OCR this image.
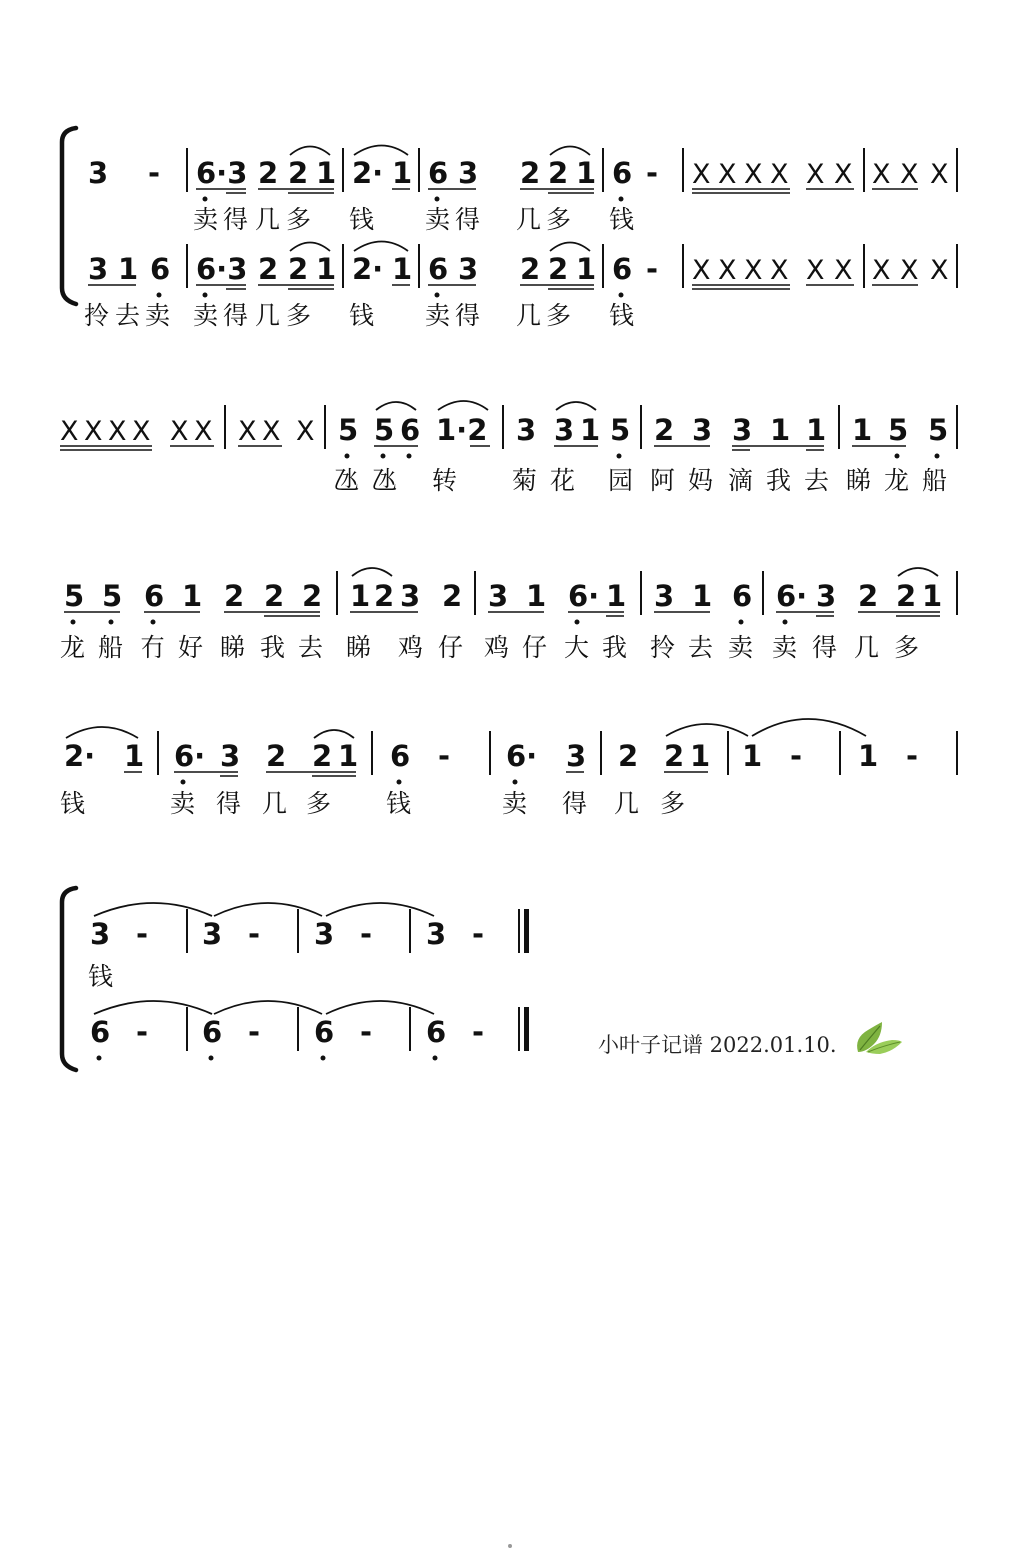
3 - 6·3 2 2 1 2· 1 6 3 2 2 1 6 - X X X X X X X X X
卖 得 几 多 钱 卖 得 几 多 钱
3 1 6 6·3 2 2 1 2· 1 6 3 2 2 1 6 - X X X X X X X X X
拎 去 卖 卖 得 几 多 钱 卖 得 几 多 钱
X X X X X X X X X 5 5 6 1·2 3 3 1 5 2 3 3 1 1 1 5 5
氹 氹 转 菊 花 园 阿 妈 滴 我 去 睇 龙 船
5 5 6 1 2 2 2 1 2 3 2 3 1 6· 1 3 1 6 6· 3 2 2 1
龙 船 冇 好 睇 我 去 睇 鸡 仔 鸡 仔 大 我 拎 去 卖 卖 得 几 多
2· 1 6· 3 2 2 1 6 - 6· 3 2 2 1 1 - 1 -
钱	卖 得 几 多 钱	卖 得 几 多
3 - 3 - 3 - 3 -
钱
6 - 6 - 6 - 6 -	小叶子记谱 2022.01.10.
